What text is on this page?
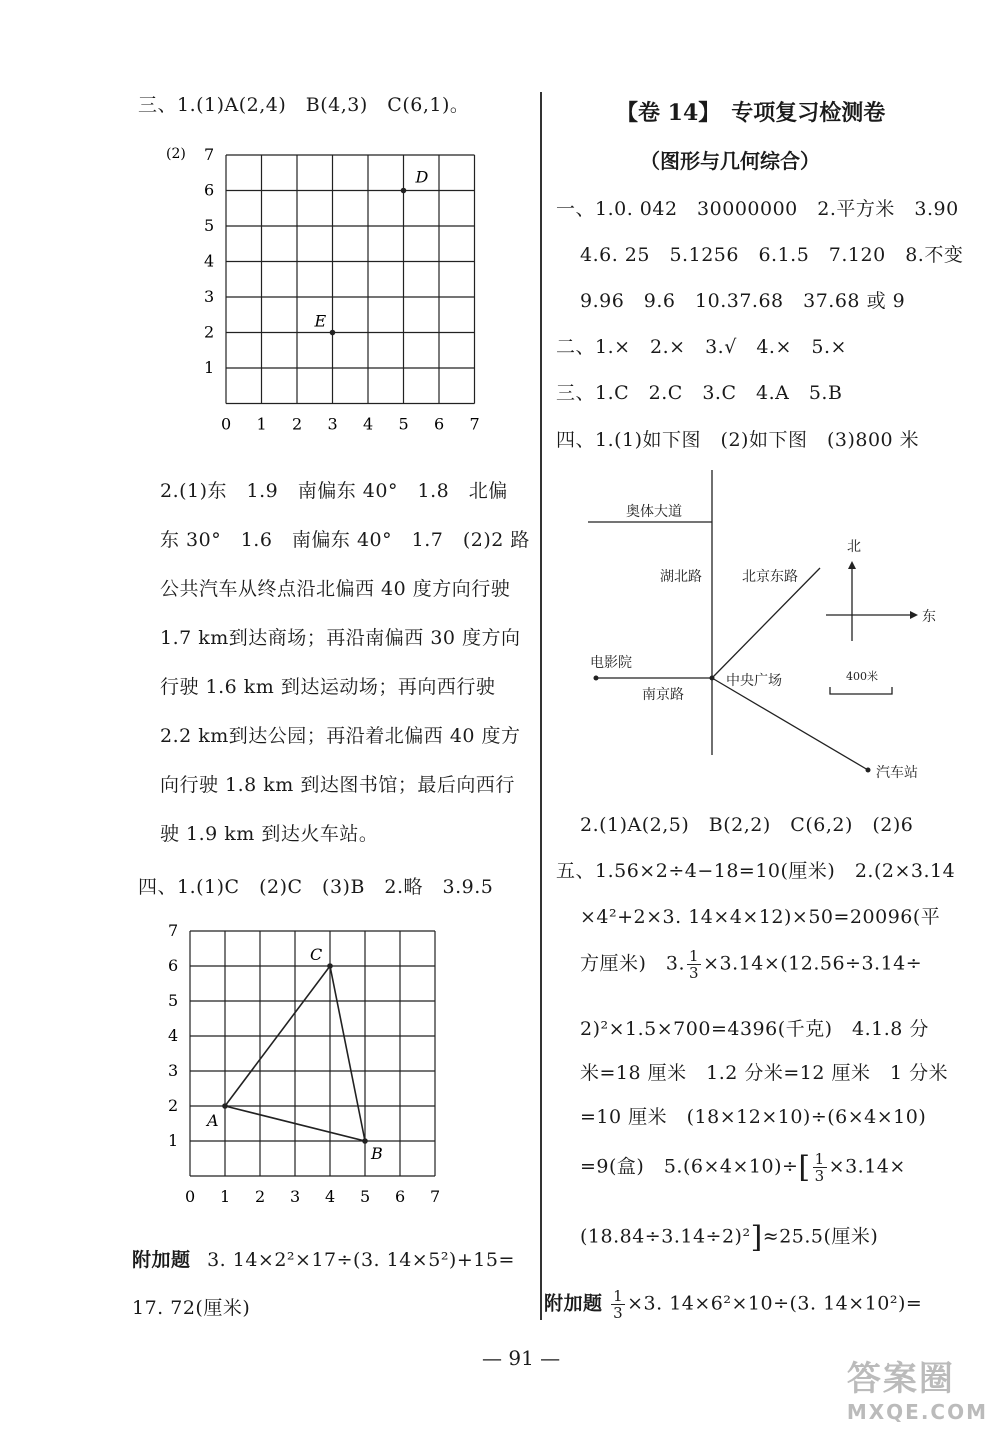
三、1.(1)A(2,4)　B(4,3)　C(6,1)。
(2)
1
2
3
4
5
6
7
0 1 2 3 4 5 6 7
D
E
2.(1)东　1.9　南偏东 40°　1.8　北偏
东 30°　1.6　南偏东 40°　1.7　(2)2 路
公共汽车从终点沿北偏西 40 度方向行驶
1.7 km到达商场；再沿南偏西 30 度方向
行驶 1.6 km 到达运动场；再向西行驶
2.2 km到达公园；再沿着北偏西 40 度方
向行驶 1.8 km 到达图书馆；最后向西行
驶 1.9 km 到达火车站。
四、1.(1)C　(2)C　(3)B　2.略　3.9.5
1
2
3
4
5
6
7
0 1 2 3 4 5 6 7
A
B
C
附加题 3. 14×2²×17÷(3. 14×5²)+15=
17. 72(厘米)
【卷 14】　专项复习检测卷
（图形与几何综合）
一、1.0. 042　30000000　2.平方米　3.90
4.6. 25　5.1256　6.1.5　7.120　8.不变
9.96　9.6　10.37.68　37.68 或 9
二、1.×　2.×　3.√　4.×　5.×
三、1.C　2.C　3.C　4.A　5.B
四、1.(1)如下图　(2)如下图　(3)800 米
奥体大道
湖北路	北京东路
南京路
电影院
中央广场
汽车站
北
东
400米
2.(1)A(2,5)　B(2,2)　C(6,2)　(2)6
五、1.56×2÷4−18=10(厘米)　2.(2×3.14
×4²+2×3. 14×4×12)×50=20096(平
方厘米)　3. $\frac{1}{3} \times 3.14\times(12.56\div 3.14\div$
2)²×1.5×700=4396(千克)　4.1.8 分
米=18 厘米　1.2 分米=12 厘米　1 分米
=10 厘米　(18×12×10)÷(6×4×10)
=9(盒)　$5.(6\times 4\times 10)\div[ \frac{1}{3} \times 3.14\times$
(18.84÷3.14÷2)²]≈25.5(厘米)
附加题 $\frac{1}{3} \times 3$. 14×6²×10÷(3. 14×10²)=
— 91 —
答案圈
MXQE.COM
